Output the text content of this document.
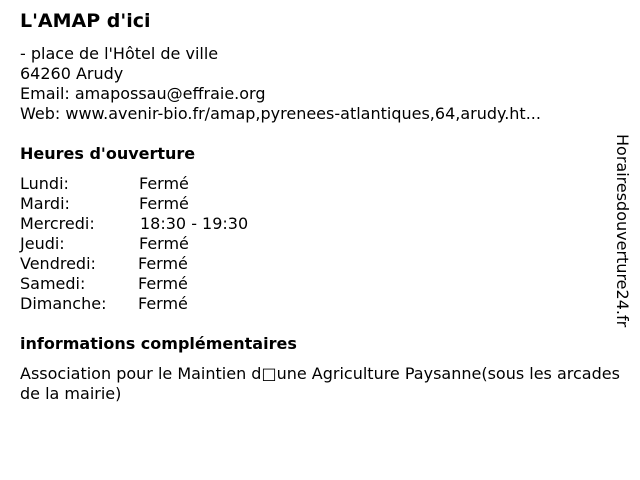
L'AMAP d'ici
- place de l'Hôtel de ville
64260 Arudy
Email: amapossau@effraie.org
Web: www.avenir-bio.fr/amap,pyrenees-atlantiques,64,arudy.ht...
Heures d'ouverture
Lundi:	Fermé
Mardi:	Fermé
Mercredi:	18:30 - 19:30
Jeudi:	Fermé
Vendredi:	Fermé
Samedi:	Fermé
Dimanche: Fermé
informations complémentaires
Association pour le Maintien d□une Agriculture Paysanne(sous les arcades de la mairie)
Horairesdouverture24.fr
